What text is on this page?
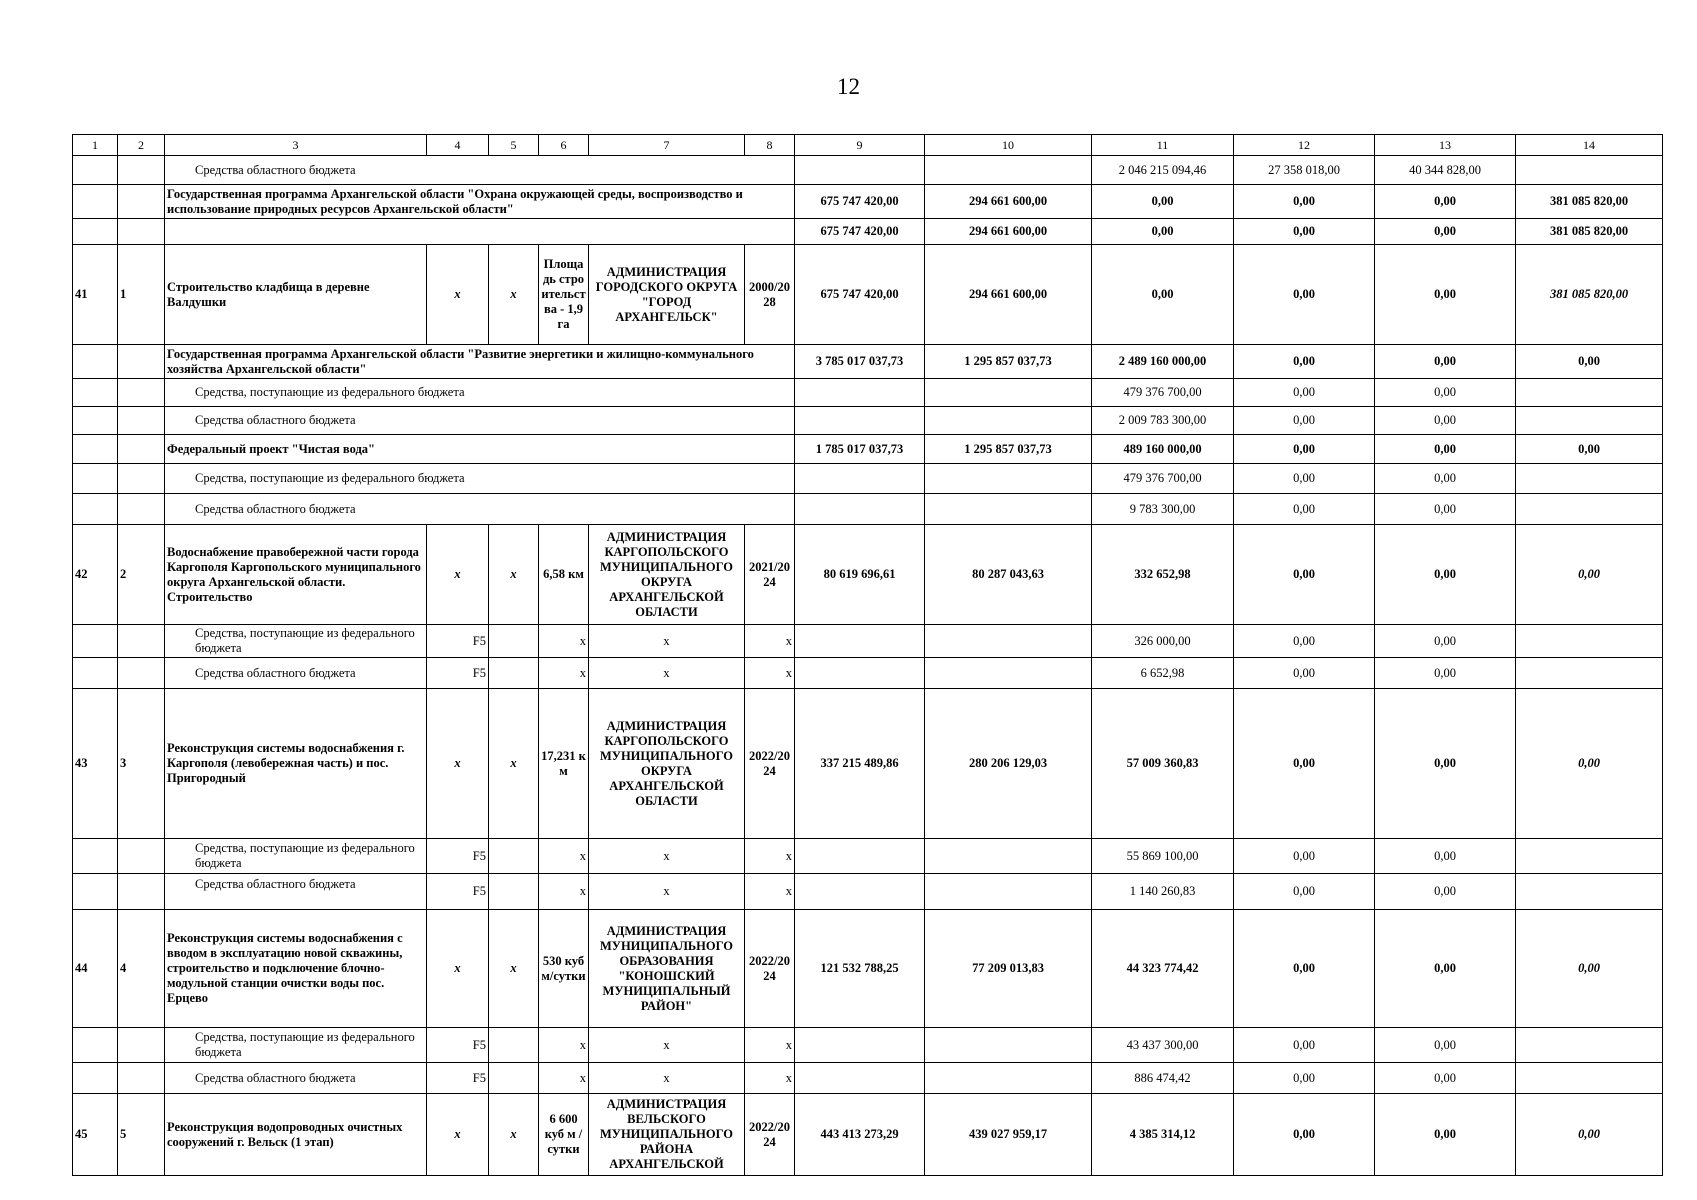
12
1	2	3	4	5	6	7	8	9	10	11	12	13	14
		Средства областного бюджета								2 046 215 094,46	27 358 018,00	40 344 828,00	
		Государственная программа Архангельской области "Охрана окружающей среды, воспроизводство и использование природных ресурсов Архангельской области"						675 747 420,00	294 661 600,00	0,00	0,00	0,00	381 085 820,00
								675 747 420,00	294 661 600,00	0,00	0,00	0,00	381 085 820,00
41	1	Строительство кладбища в деревне Валдушки	x	x	Площадь строительства - 1,9 га	АДМИНИСТРАЦИЯ ГОРОДСКОГО ОКРУГА "ГОРОД АРХАНГЕЛЬСК"	2000/2028	675 747 420,00	294 661 600,00	0,00	0,00	0,00	381 085 820,00
		Государственная программа Архангельской области "Развитие энергетики и жилищно-коммунального хозяйства Архангельской области"						3 785 017 037,73	1 295 857 037,73	2 489 160 000,00	0,00	0,00	0,00
		Средства, поступающие из федерального бюджета								479 376 700,00	0,00	0,00	
		Средства областного бюджета								2 009 783 300,00	0,00	0,00	
		Федеральный проект "Чистая вода"						1 785 017 037,73	1 295 857 037,73	489 160 000,00	0,00	0,00	0,00
		Средства, поступающие из федерального бюджета								479 376 700,00	0,00	0,00	
		Средства областного бюджета								9 783 300,00	0,00	0,00	
42	2	Водоснабжение правобережной части города Каргополя Каргопольского муниципального округа Архангельской области. Строительство	x	x	6,58 км	АДМИНИСТРАЦИЯ КАРГОПОЛЬСКОГО МУНИЦИПАЛЬНОГО ОКРУГА АРХАНГЕЛЬСКОЙ ОБЛАСТИ	2021/2024	80 619 696,61	80 287 043,63	332 652,98	0,00	0,00	0,00
		Средства, поступающие из федерального бюджета	F5		x	x	x			326 000,00	0,00	0,00	
		Средства областного бюджета	F5		x	x	x			6 652,98	0,00	0,00	
43	3	Реконструкция системы водоснабжения г. Каргополя (левобережная часть) и пос. Пригородный	x	x	17,231 км	АДМИНИСТРАЦИЯ КАРГОПОЛЬСКОГО МУНИЦИПАЛЬНОГО ОКРУГА АРХАНГЕЛЬСКОЙ ОБЛАСТИ	2022/2024	337 215 489,86	280 206 129,03	57 009 360,83	0,00	0,00	0,00
		Средства, поступающие из федерального бюджета	F5		x	x	x			55 869 100,00	0,00	0,00	
		Средства областного бюджета	F5		x	x	x			1 140 260,83	0,00	0,00	
44	4	Реконструкция системы водоснабжения с вводом в эксплуатацию новой скважины, строительство и подключение блочно-модульной станции очистки воды пос. Ерцево	x	x	530 куб м/сутки	АДМИНИСТРАЦИЯ МУНИЦИПАЛЬНОГО ОБРАЗОВАНИЯ "КОНОШСКИЙ МУНИЦИПАЛЬНЫЙ РАЙОН"	2022/2024	121 532 788,25	77 209 013,83	44 323 774,42	0,00	0,00	0,00
		Средства, поступающие из федерального бюджета	F5		x	x	x			43 437 300,00	0,00	0,00	
		Средства областного бюджета	F5		x	x	x			886 474,42	0,00	0,00	
45	5	Реконструкция водопроводных очистных сооружений г. Вельск (1 этап)	x	x	6 600 куб м / сутки	АДМИНИСТРАЦИЯ ВЕЛЬСКОГО МУНИЦИПАЛЬНОГО РАЙОНА АРХАНГЕЛЬСКОЙ	2022/2024	443 413 273,29	439 027 959,17	4 385 314,12	0,00	0,00	0,00
